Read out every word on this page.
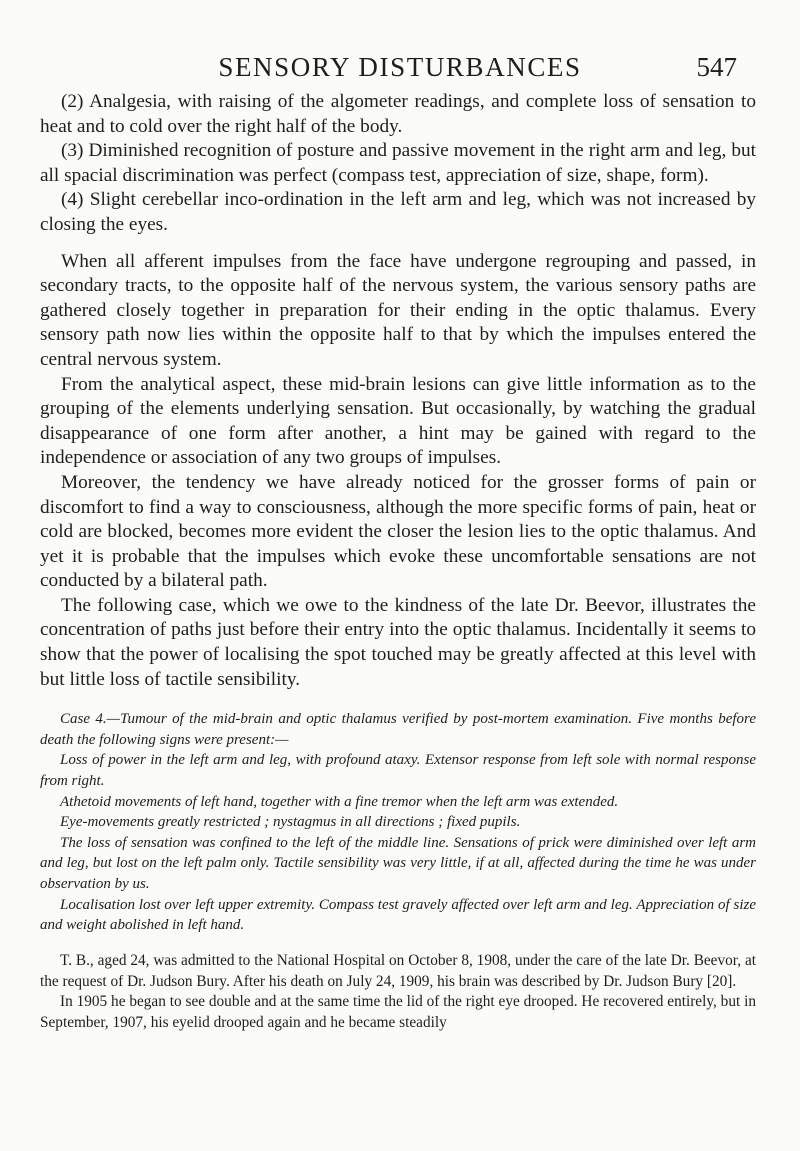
SENSORY DISTURBANCES	547

(2) Analgesia, with raising of the algometer readings, and complete loss of sensation to heat and to cold over the right half of the body.

(3) Diminished recognition of posture and passive movement in the right arm and leg, but all spacial discrimination was perfect (compass test, appreciation of size, shape, form).

(4) Slight cerebellar inco-ordination in the left arm and leg, which was not increased by closing the eyes.

When all afferent impulses from the face have undergone regrouping and passed, in secondary tracts, to the opposite half of the nervous system, the various sensory paths are gathered closely together in preparation for their ending in the optic thalamus. Every sensory path now lies within the opposite half to that by which the impulses entered the central nervous system.

From the analytical aspect, these mid-brain lesions can give little information as to the grouping of the elements underlying sensation. But occasionally, by watching the gradual disappearance of one form after another, a hint may be gained with regard to the independence or association of any two groups of impulses.

Moreover, the tendency we have already noticed for the grosser forms of pain or discomfort to find a way to consciousness, although the more specific forms of pain, heat or cold are blocked, becomes more evident the closer the lesion lies to the optic thalamus. And yet it is probable that the impulses which evoke these uncomfortable sensations are not conducted by a bilateral path.

The following case, which we owe to the kindness of the late Dr. Beevor, illustrates the concentration of paths just before their entry into the optic thalamus. Incidentally it seems to show that the power of localising the spot touched may be greatly affected at this level with but little loss of tactile sensibility.

Case 4.—Tumour of the mid-brain and optic thalamus verified by post-mortem examination. Five months before death the following signs were present:—

Loss of power in the left arm and leg, with profound ataxy. Extensor response from left sole with normal response from right.

Athetoid movements of left hand, together with a fine tremor when the left arm was extended.

Eye-movements greatly restricted ; nystagmus in all directions ; fixed pupils.

The loss of sensation was confined to the left of the middle line. Sensations of prick were diminished over left arm and leg, but lost on the left palm only. Tactile sensibility was very little, if at all, affected during the time he was under observation by us.

Localisation lost over left upper extremity. Compass test gravely affected over left arm and leg. Appreciation of size and weight abolished in left hand.

T. B., aged 24, was admitted to the National Hospital on October 8, 1908, under the care of the late Dr. Beevor, at the request of Dr. Judson Bury. After his death on July 24, 1909, his brain was described by Dr. Judson Bury [20].

In 1905 he began to see double and at the same time the lid of the right eye drooped. He recovered entirely, but in September, 1907, his eyelid drooped again and he became steadily
